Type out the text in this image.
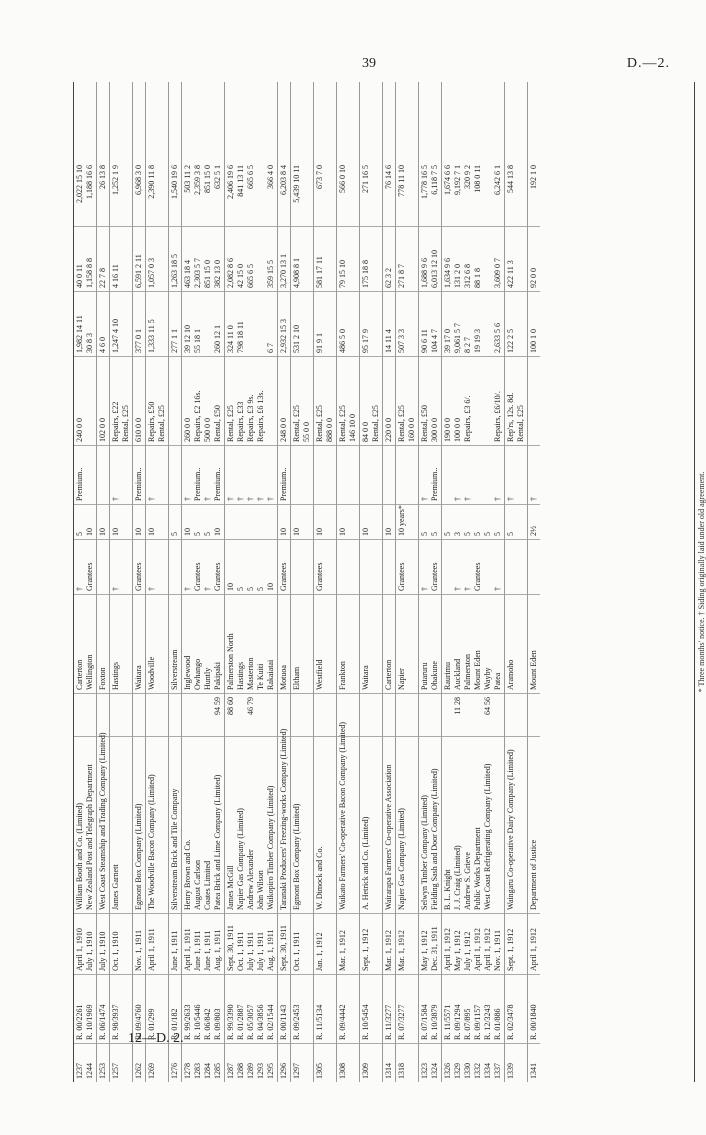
39	D.—2.
1237
1244
R. 00/2261
R. 10/1969
April 1, 1910
July 1, 1910
William Booth and Co. (Limited)
New Zealand Post and Telegraph Department
Carterton
Wellington
†
Grantees
5
10
Premium..
240 0 0
1,982 14 11
30 8 3
40 0 11
1,158 8 8
2,022 15 10
1,188 16 6
1253
R. 06/1474
July 1, 1910
West Coast Steamship and Trading Company (Limited)
Foxton
10
102 0 0
4 6 0
22 7 8
26 13 8
1257
R. 98/3937
Oct. 1, 1910
James Garnett
Hastings
†
10
†
Repairs, £22
Rental, £25
1,247 4 10
4 16 11
1,252 1 9
1262
R. 09/4760
Nov. 1, 1911
Egmont Box Company (Limited)
Waitara
Grantees
10
Premium..
610 0 0
377 0 1
6,591 2 11
6,968 3 0
1269
R. 01/299
April 1, 1911
The Woodville Bacon Company (Limited)
Woodville
†
10
†
Repairs, £50
Rental, £25
1,333 11 5
1,057 0 3
2,390 11 8
1276
R. 01/182
June 1, 1911
Silverstream Brick and Tile Company
Silverstream
5
277 1 1
1,263 18 5
1,540 19 6
1278
1283
1284
1285
R. 99/2633
R. 10/5446
R. 06/842
R. 09/803
April 1, 1911
June 1, 1911
June 1, 1911
Aug. 1, 1911
Henry Brown and Co.
August Carlson
Coates Limited
Patea Brick and Lime Company (Limited)

94 59
Inglewood
Owhango
Huntly
Pakipaki
†
Grantees
†
Grantees
10
5
5
10
†
Premium..
†
Premium..
260 0 0
Repairs, £2 16s.
500 0 0
Rental, £50
39 12 10
55 18 1

260 12 1
463 18 4
2,303 5 7
851 15 0
382 13 0
503 11 2
2,359 3 8
851 15 0
632 5 1
1287
1288
1289
1293
1295
R. 99/3390
R. 01/2887
R. 05/3057
R. 04/3856
R. 02/1544
Sept. 30, 1911
Oct. 1, 1911
July 1, 1911
July 1, 1911
Aug. 1, 1911
James McGill
Napier Gas Company (Limited)
Andrew Alexander
John Wilson
Waikopiro Timber Company (Limited)
88 60

46 79

Palmerston North
Hastings
Masterton
Te Kuiti
Rakaiatai
10
5
5
5
10
†
†
†
†
†
Rental, £25
Repairs, £33
Repairs, £3 9s.
Repairs, £6 13s.

324 11 0
798 18 11

6 7
2,082 8 6
42 15 0
665 6 5

359 15 5
2,406 19 6
841 13 11
665 6 5

366 4 0
1296
R. 00/1143
Sept. 30, 1911
Taranaki Producers' Freezing-works Company (Limited)
Motuoa
Grantees
10
Premium..
248 0 0
2,932 15 3
3,270 13 1
6,203 8 4
1297
R. 09/2453
Oct. 1, 1911
Egmont Box Company (Limited)
Eltham
10
Rental, £25
55 0 0
531 2 10
4,908 8 1
5,439 10 11
1305
R. 11/5134
Jan. 1, 1912
W. Dimock and Co.
Westfield
Grantees
10
Rental, £25
888 0 0
91 9 1
581 17 11
673 7 0
1308
R. 09/4442
Mar. 1, 1912
Waikato Farmers' Co-operative Bacon Company (Limited)
Frankton
10
Rental, £25
146 10 0
486 5 0
79 15 10
566 0 10
1309
R. 10/5454
Sept. 1, 1912
A. Hetrick and Co. (Limited)
Waitara
10
84 0 0
Rental, £25
95 17 9
175 18 8
271 16 5
1314
R. 11/3277
Mar. 1, 1912
Wairarapa Farmers' Co-operative Association
Carterton
10
220 0 0
14 11 4
62 3 2
76 14 6
1318
R. 07/3277
Mar. 1, 1912
Napier Gas Company (Limited)
Napier
Grantees
10 years*
Rental, £25
160 0 0
507 3 3
271 8 7
778 11 10
1323
1324
R. 07/1584
R. 10/3879
May 1, 1912
Dec. 31, 1911
Selwyn Timber Company (Limited)
Fielding Sash and Door Company (Limited)
Putaruru
Ohakune
†
Grantees
5
5
†
Premium..
Rental, £50
300 0 0
90 6 11
104 4 7
1,688 9 6
6,013 12 10
1,778 16 5
6,118 7 5
1326
1329
1330
1332
1334
1337
R. 11/5571
R. 09/1294
R. 07/895
R. 09/1157
R. 12/3243
R. 01/886
April 1, 1912
May 1, 1912
July 1, 1912
April 1, 1912
April 1, 1912
Nov. 1, 1911
B. L. Knight
J. J. Craig (Limited)
Andrew S. Grieve
Public Works Department
West Coast Refrigerating Company (Limited)

11 28

64 56

Raurimu
Auckland
Palmerston
Mount Eden
Wayby
Patea

†
†
Grantees

†
5
3
5
5
5
5

†
†

†
190 0 0
100 0 0
Repairs, £3 6/.

Repairs, £6/10/.
39 17 0
9,061 5 7
8 2 7
19 19 3

2,633 5 6
1,634 9 6
131 2 0
312 6 8
88 1 8

3,609 0 7
1,674 6 6
9,192 7 1
320 9 2
108 0 11

6,242 6 1
1339
R. 02/3478
Sept. 1, 1912
Waingaru Co-operative Dairy Company (Limited)
Aramoho
5
†
Rep'rs, 12s. 8d.
Rental, £25
122 2 5
422 11 3
544 13 8
1341
R. 00/1840
April 1, 1912
Department of Justice
Mount Eden
2½
†
100 1 0
92 0 0
192 1 0
* Three months' notice. † Siding originally laid under old agreement.
12—D. 2.
